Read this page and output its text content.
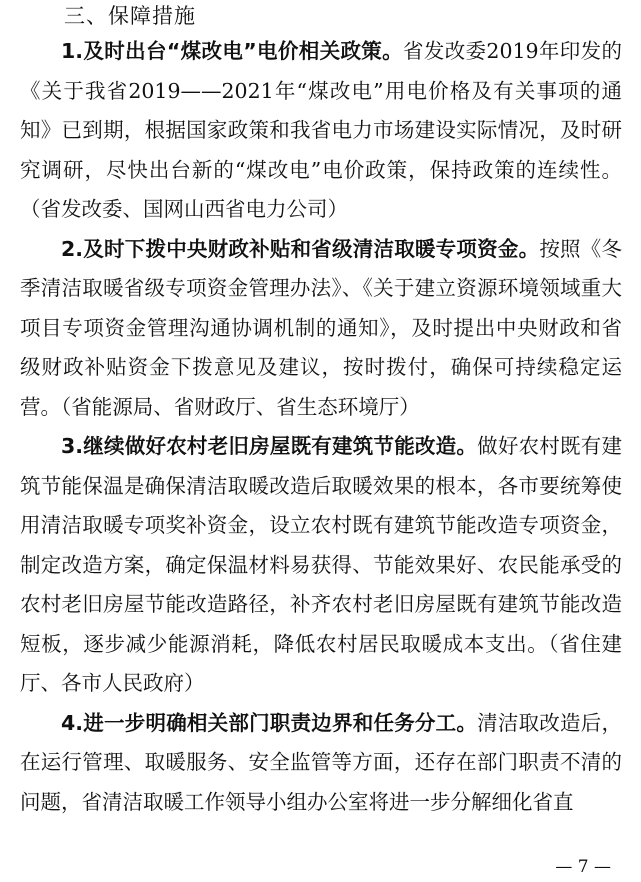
三、保障措施

1.及时出台“煤改电”电价相关政策。省发改委2019年印发的《关于我省2019——2021年“煤改电”用电价格及有关事项的通知》已到期，根据国家政策和我省电力市场建设实际情况，及时研究调研，尽快出台新的“煤改电”电价政策，保持政策的连续性。（省发改委、国网山西省电力公司）

2.及时下拨中央财政补贴和省级清洁取暖专项资金。按照《冬季清洁取暖省级专项资金管理办法》、《关于建立资源环境领域重大项目专项资金管理沟通协调机制的通知》，及时提出中央财政和省级财政补贴资金下拨意见及建议，按时拨付，确保可持续稳定运营。（省能源局、省财政厅、省生态环境厅）

3.继续做好农村老旧房屋既有建筑节能改造。做好农村既有建筑节能保温是确保清洁取暖改造后取暖效果的根本，各市要统筹使用清洁取暖专项奖补资金，设立农村既有建筑节能改造专项资金，制定改造方案，确定保温材料易获得、节能效果好、农民能承受的农村老旧房屋节能改造路径，补齐农村老旧房屋既有建筑节能改造短板，逐步减少能源消耗，降低农村居民取暖成本支出。（省住建厅、各市人民政府）

4.进一步明确相关部门职责边界和任务分工。清洁取改造后，在运行管理、取暖服务、安全监管等方面，还存在部门职责不清的问题，省清洁取暖工作领导小组办公室将进一步分解细化省直

— 7 —
